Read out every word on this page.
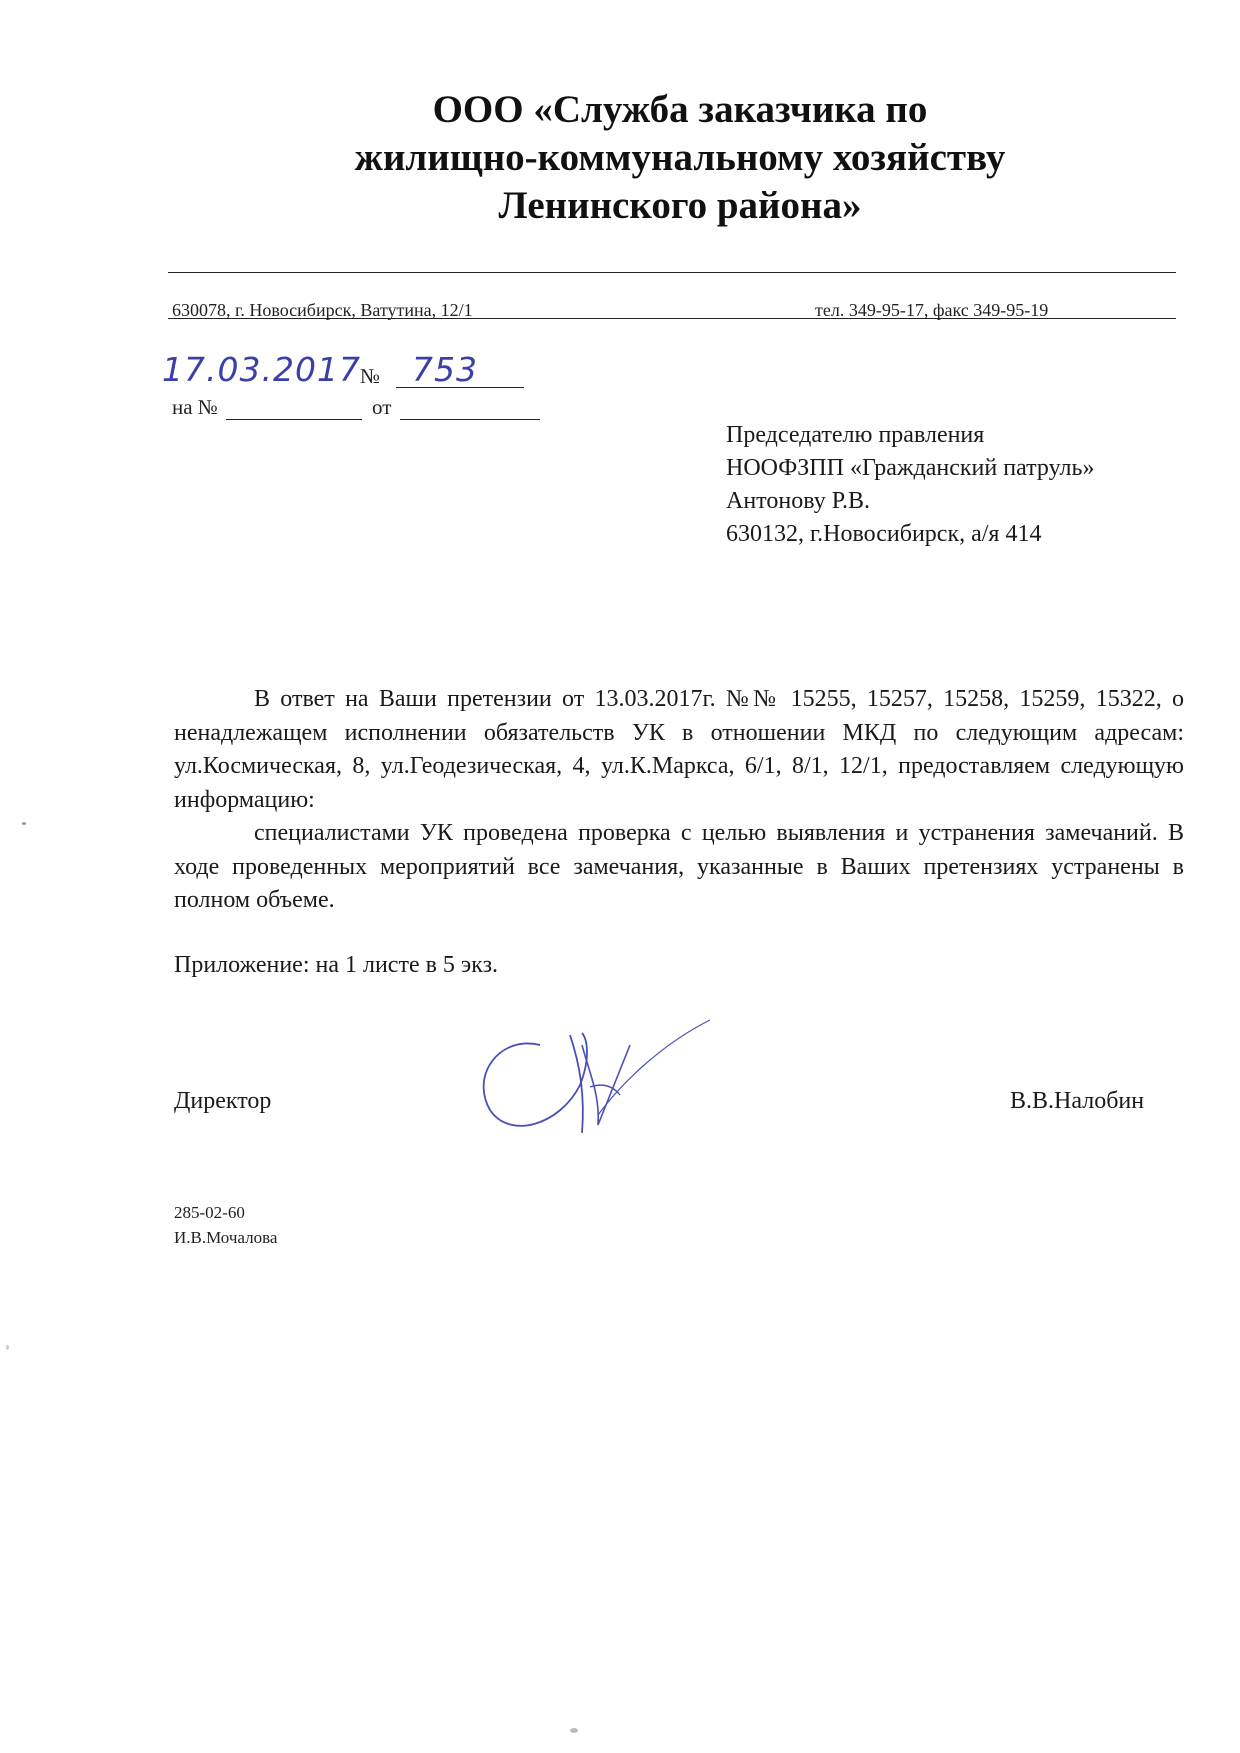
ООО «Служба заказчика по
жилищно-коммунальному хозяйству
Ленинского района»
630078, г. Новосибирск, Ватутина, 12/1	тел. 349-95-17, факс 349-95-19
17.03.2017 № 753
на №	от
Председателю правления
НООФЗПП «Гражданский патруль»
Антонову Р.В.
630132, г.Новосибирск, а/я 414

В ответ на Ваши претензии от 13.03.2017г. №№ 15255, 15257, 15258, 15259, 15322, о ненадлежащем исполнении обязательств УК в отношении МКД по следующим адресам: ул.Космическая, 8, ул.Геодезическая, 4, ул.К.Маркса, 6/1, 8/1, 12/1, предоставляем следующую информацию:

специалистами УК проведена проверка с целью выявления и устранения замечаний. В ходе проведенных мероприятий все замечания, указанные в Ваших претензиях устранены в полном объеме.

Приложение: на 1 листе в 5 экз.
Директор	В.В.Налобин
285-02-60
И.В.Мочалова
